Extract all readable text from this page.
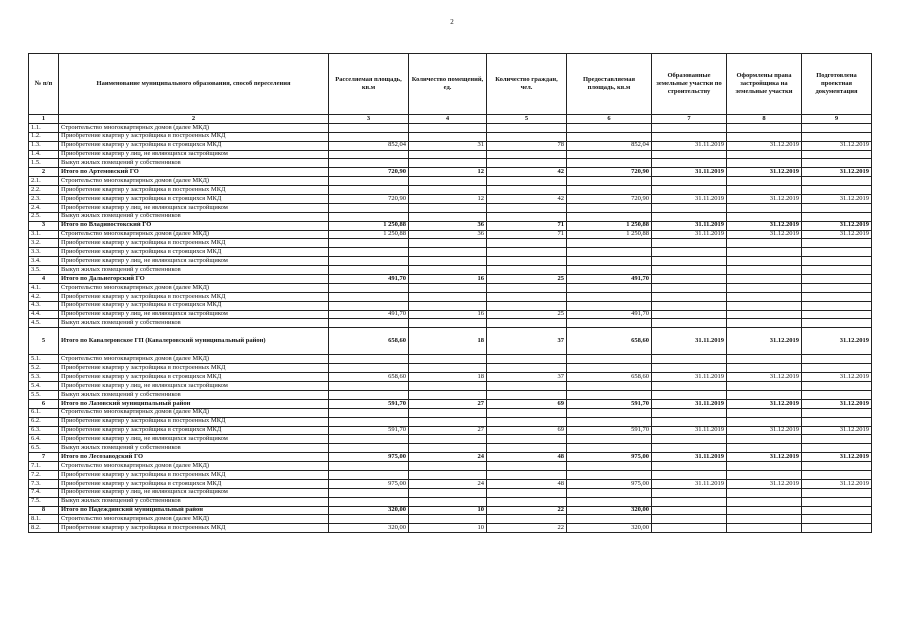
2
№ п/п	Наименование муниципального образования, способ переселения	Расселяемая площадь, кв.м	Количество помещений, ед.	Количество граждан, чел.	Предоставляемая площадь, кв.м	Образованные земельные участки по строительству	Оформлены права застройщика на земельные участки	Подготовлена проектная документация
1	2	3	4	5	6	7	8	9
1.1.	Строительство многоквартирных домов (далее МКД)							
1.2.	Приобретение квартир у застройщика в построенных МКД							
1.3.	Приобретение квартир у застройщика в строящихся МКД	852,04	31	78	852,04	31.11.2019	31.12.2019	31.12.2019
1.4.	Приобретение квартир у лиц, не являющихся застройщиком							
1.5.	Выкуп жилых помещений у собственников							
2	Итого по Артемовский ГО	720,90	12	42	720,90	31.11.2019	31.12.2019	31.12.2019
2.1.	Строительство многоквартирных домов (далее МКД)							
2.2.	Приобретение квартир у застройщика в построенных МКД							
2.3.	Приобретение квартир у застройщика в строящихся МКД	720,90	12	42	720,90	31.11.2019	31.12.2019	31.12.2019
2.4.	Приобретение квартир у лиц, не являющихся застройщиком							
2.5.	Выкуп жилых помещений у собственников							
3	Итого по Владивостокский ГО	1 250,88	36	71	1 250,88	31.11.2019	31.12.2019	31.12.2019
3.1.	Строительство многоквартирных домов (далее МКД)	1 250,88	36	71	1 250,88	31.11.2019	31.12.2019	31.12.2019
3.2.	Приобретение квартир у застройщика в построенных МКД							
3.3.	Приобретение квартир у застройщика в строящихся МКД							
3.4.	Приобретение квартир у лиц, не являющихся застройщиком							
3.5.	Выкуп жилых помещений у собственников							
4	Итого по Дальнегорский ГО	491,70	16	25	491,70			
4.1.	Строительство многоквартирных домов (далее МКД)							
4.2.	Приобретение квартир у застройщика в построенных МКД							
4.3.	Приобретение квартир у застройщика в строящихся МКД							
4.4.	Приобретение квартир у лиц, не являющихся застройщиком	491,70	16	25	491,70			
4.5.	Выкуп жилых помещений у собственников							
5	Итого по Кавалеровское ГП (Кавалеровский муниципальный район)	658,60	18	37	658,60	31.11.2019	31.12.2019	31.12.2019
5.1.	Строительство многоквартирных домов (далее МКД)							
5.2.	Приобретение квартир у застройщика в построенных МКД							
5.3.	Приобретение квартир у застройщика в строящихся МКД	658,60	18	37	658,60	31.11.2019	31.12.2019	31.12.2019
5.4.	Приобретение квартир у лиц, не являющихся застройщиком							
5.5.	Выкуп жилых помещений у собственников							
6	Итого по Лазовский муниципальный район	591,70	27	69	591,70	31.11.2019	31.12.2019	31.12.2019
6.1.	Строительство многоквартирных домов (далее МКД)							
6.2.	Приобретение квартир у застройщика в построенных МКД							
6.3.	Приобретение квартир у застройщика в строящихся МКД	591,70	27	69	591,70	31.11.2019	31.12.2019	31.12.2019
6.4.	Приобретение квартир у лиц, не являющихся застройщиком							
6.5.	Выкуп жилых помещений у собственников							
7	Итого по Лесозаводский ГО	975,00	24	48	975,00	31.11.2019	31.12.2019	31.12.2019
7.1.	Строительство многоквартирных домов (далее МКД)							
7.2.	Приобретение квартир у застройщика в построенных МКД							
7.3.	Приобретение квартир у застройщика в строящихся МКД	975,00	24	48	975,00	31.11.2019	31.12.2019	31.12.2019
7.4.	Приобретение квартир у лиц, не являющихся застройщиком							
7.5.	Выкуп жилых помещений у собственников							
8	Итого по Надеждинский муниципальный район	320,00	10	22	320,00			
8.1.	Строительство многоквартирных домов (далее МКД)							
8.2.	Приобретение квартир у застройщика в построенных МКД	320,00	10	22	320,00			
